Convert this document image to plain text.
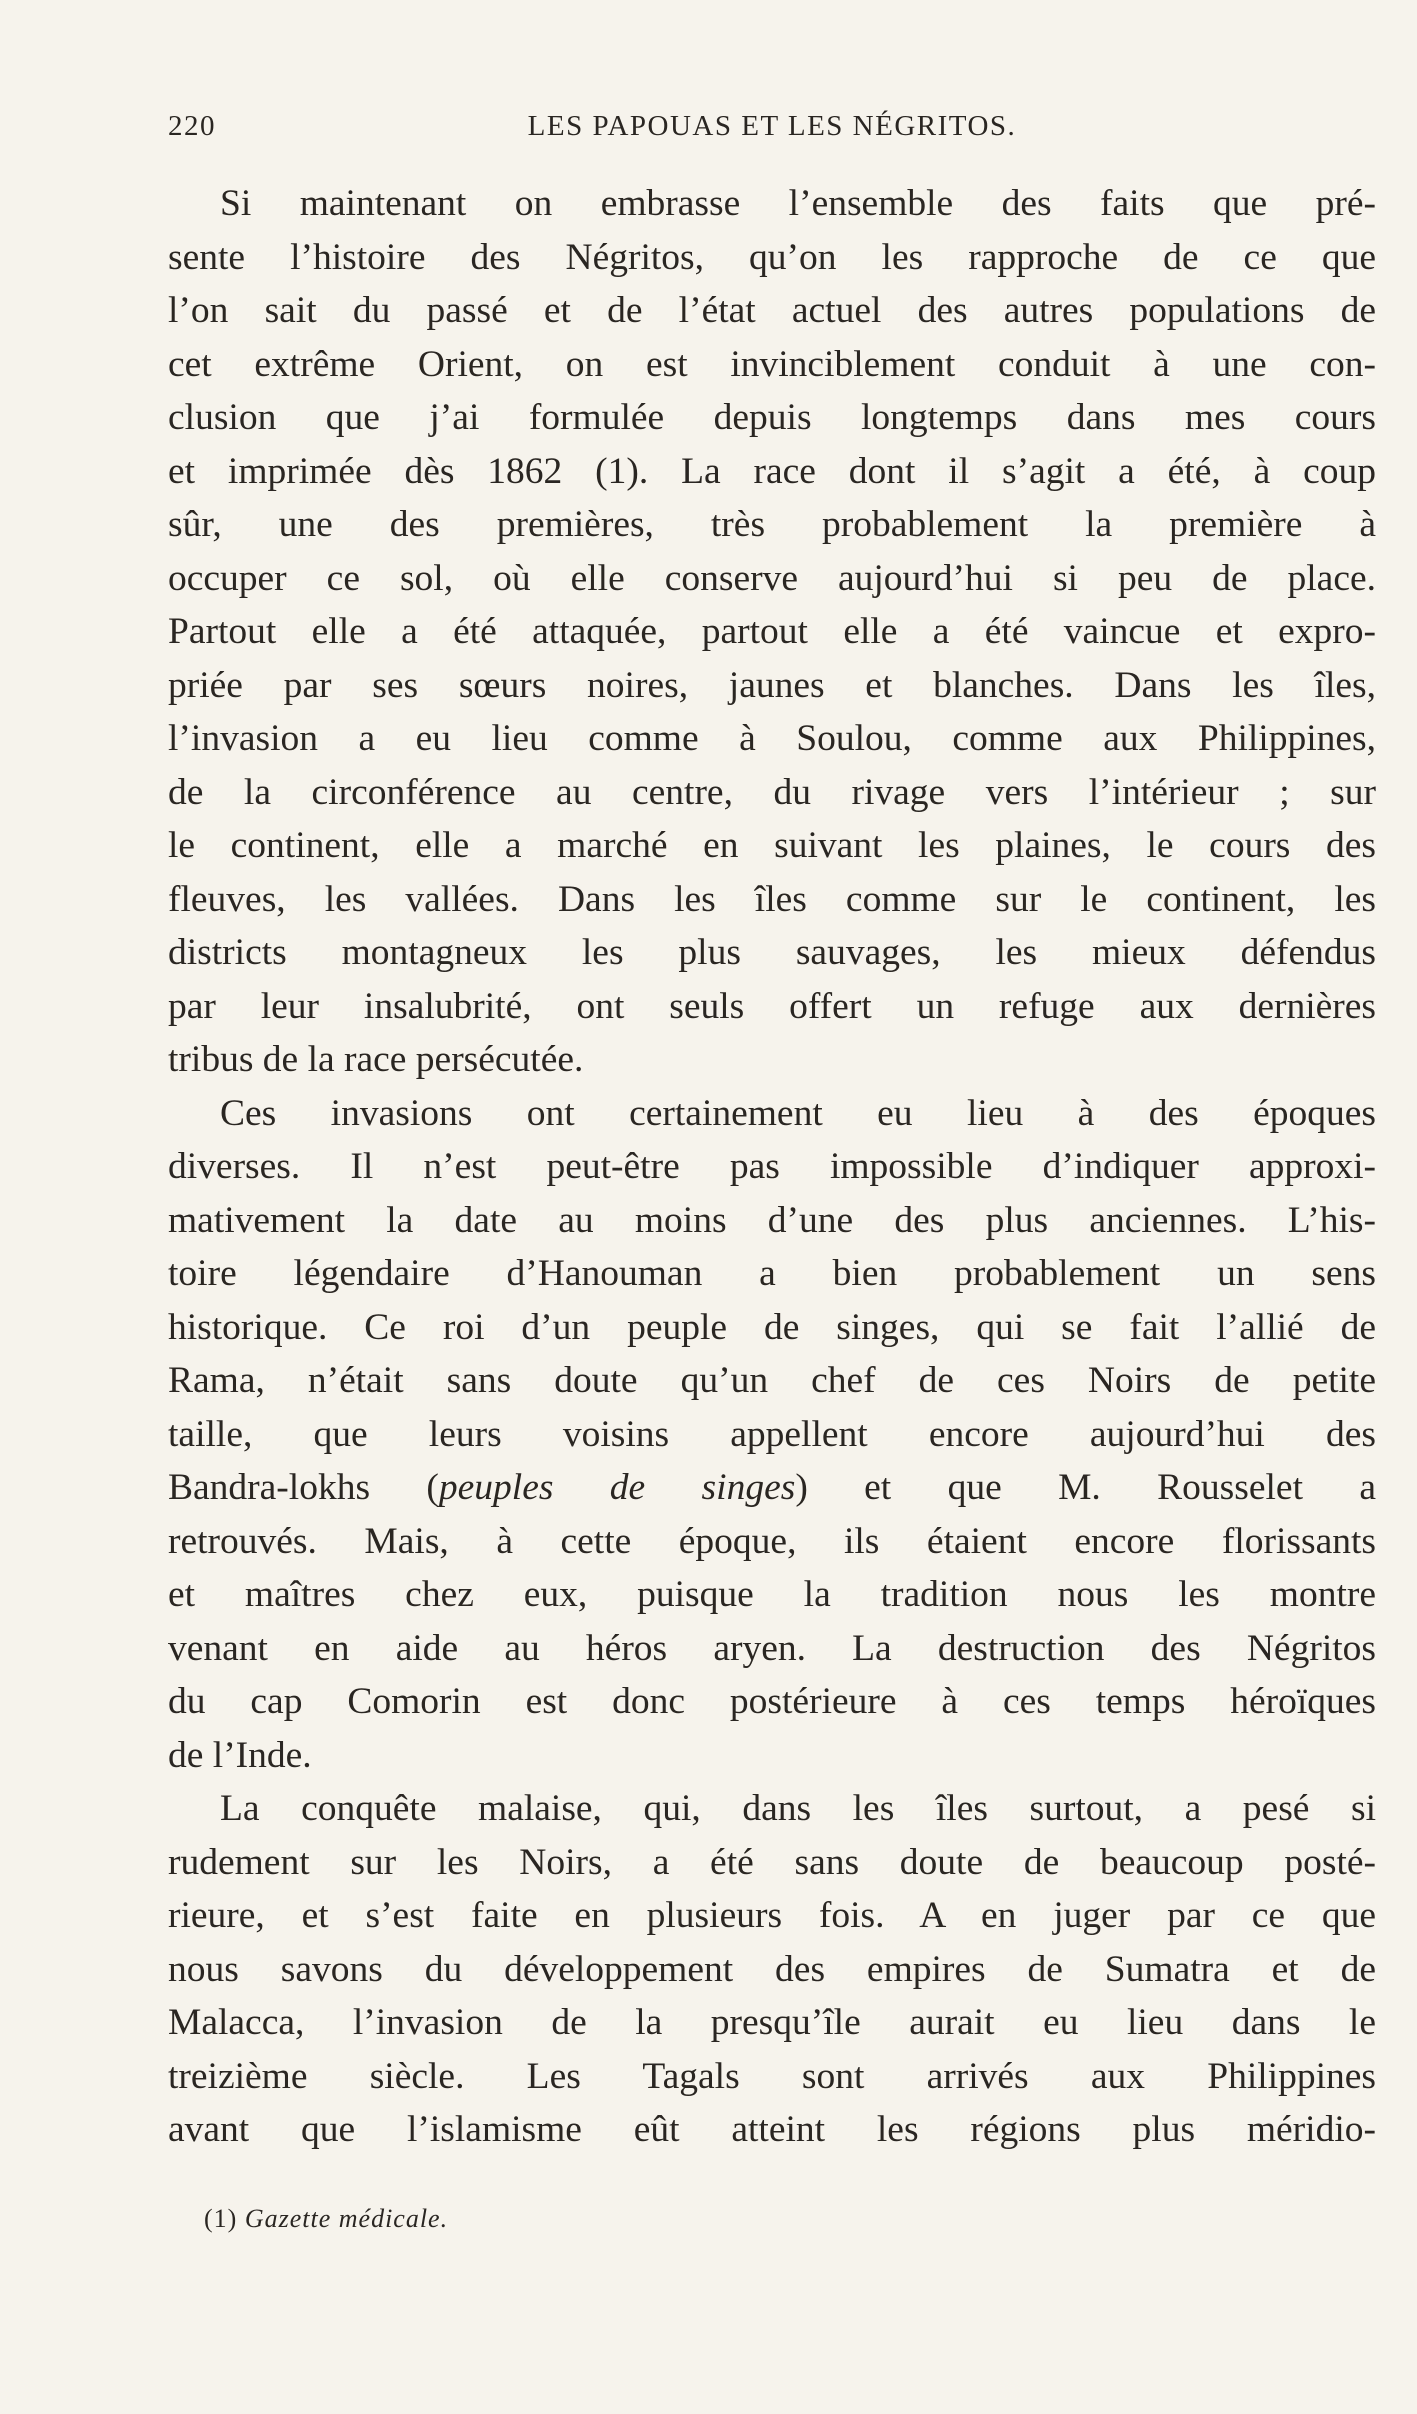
220	LES PAPOUAS ET LES NÉGRITOS.
Si maintenant on embrasse l’ensemble des faits que pré-
sente l’histoire des Négritos, qu’on les rapproche de ce que
l’on sait du passé et de l’état actuel des autres populations de
cet extrême Orient, on est invinciblement conduit à une con-
clusion que j’ai formulée depuis longtemps dans mes cours
et imprimée dès 1862 (1). La race dont il s’agit a été, à coup
sûr, une des premières, très probablement la première à
occuper ce sol, où elle conserve aujourd’hui si peu de place.
Partout elle a été attaquée, partout elle a été vaincue et expro-
priée par ses sœurs noires, jaunes et blanches. Dans les îles,
l’invasion a eu lieu comme à Soulou, comme aux Philippines,
de la circonférence au centre, du rivage vers l’intérieur ; sur
le continent, elle a marché en suivant les plaines, le cours des
fleuves, les vallées. Dans les îles comme sur le continent, les
districts montagneux les plus sauvages, les mieux défendus
par leur insalubrité, ont seuls offert un refuge aux dernières
tribus de la race persécutée.
Ces invasions ont certainement eu lieu à des époques
diverses. Il n’est peut-être pas impossible d’indiquer approxi-
mativement la date au moins d’une des plus anciennes. L’his-
toire légendaire d’Hanouman a bien probablement un sens
historique. Ce roi d’un peuple de singes, qui se fait l’allié de
Rama, n’était sans doute qu’un chef de ces Noirs de petite
taille, que leurs voisins appellent encore aujourd’hui des
Bandra-lokhs (peuples de singes) et que M. Rousselet a
retrouvés. Mais, à cette époque, ils étaient encore florissants
et maîtres chez eux, puisque la tradition nous les montre
venant en aide au héros aryen. La destruction des Négritos
du cap Comorin est donc postérieure à ces temps héroïques
de l’Inde.
La conquête malaise, qui, dans les îles surtout, a pesé si
rudement sur les Noirs, a été sans doute de beaucoup posté-
rieure, et s’est faite en plusieurs fois. A en juger par ce que
nous savons du développement des empires de Sumatra et de
Malacca, l’invasion de la presqu’île aurait eu lieu dans le
treizième siècle. Les Tagals sont arrivés aux Philippines
avant que l’islamisme eût atteint les régions plus méridio-
(1) Gazette médicale.
